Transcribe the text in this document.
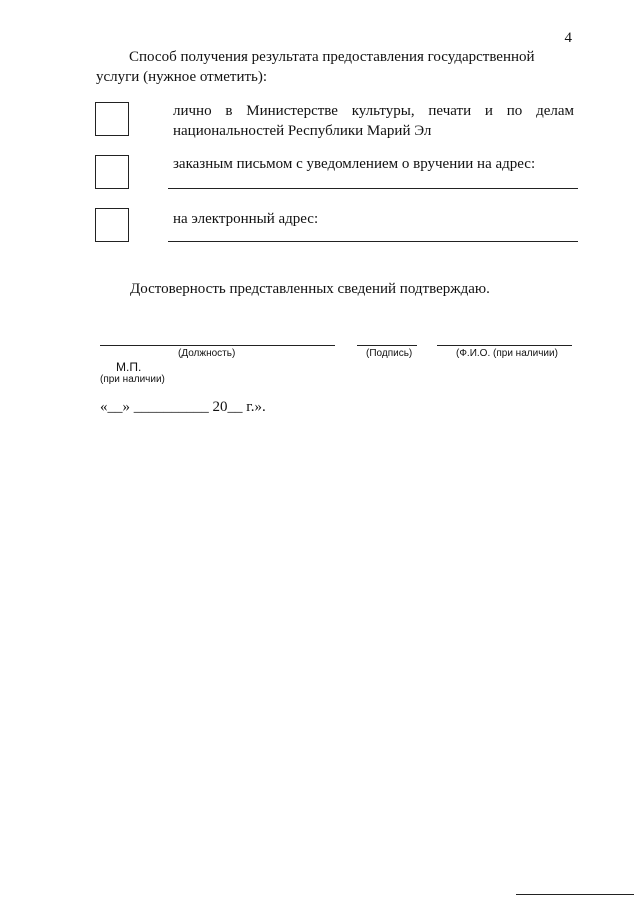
4
Способ получения результата предоставления государственной
услуги (нужное отметить):
лично в Министерстве культуры, печати и по делам
национальностей Республики Марий Эл
заказным письмом с уведомлением о вручении на адрес:
на электронный адрес:
Достоверность представленных сведений подтверждаю.
(Должность)	(Подпись)	(Ф.И.О. (при наличии)
М.П.
(при наличии)
«__» __________ 20__ г.».
